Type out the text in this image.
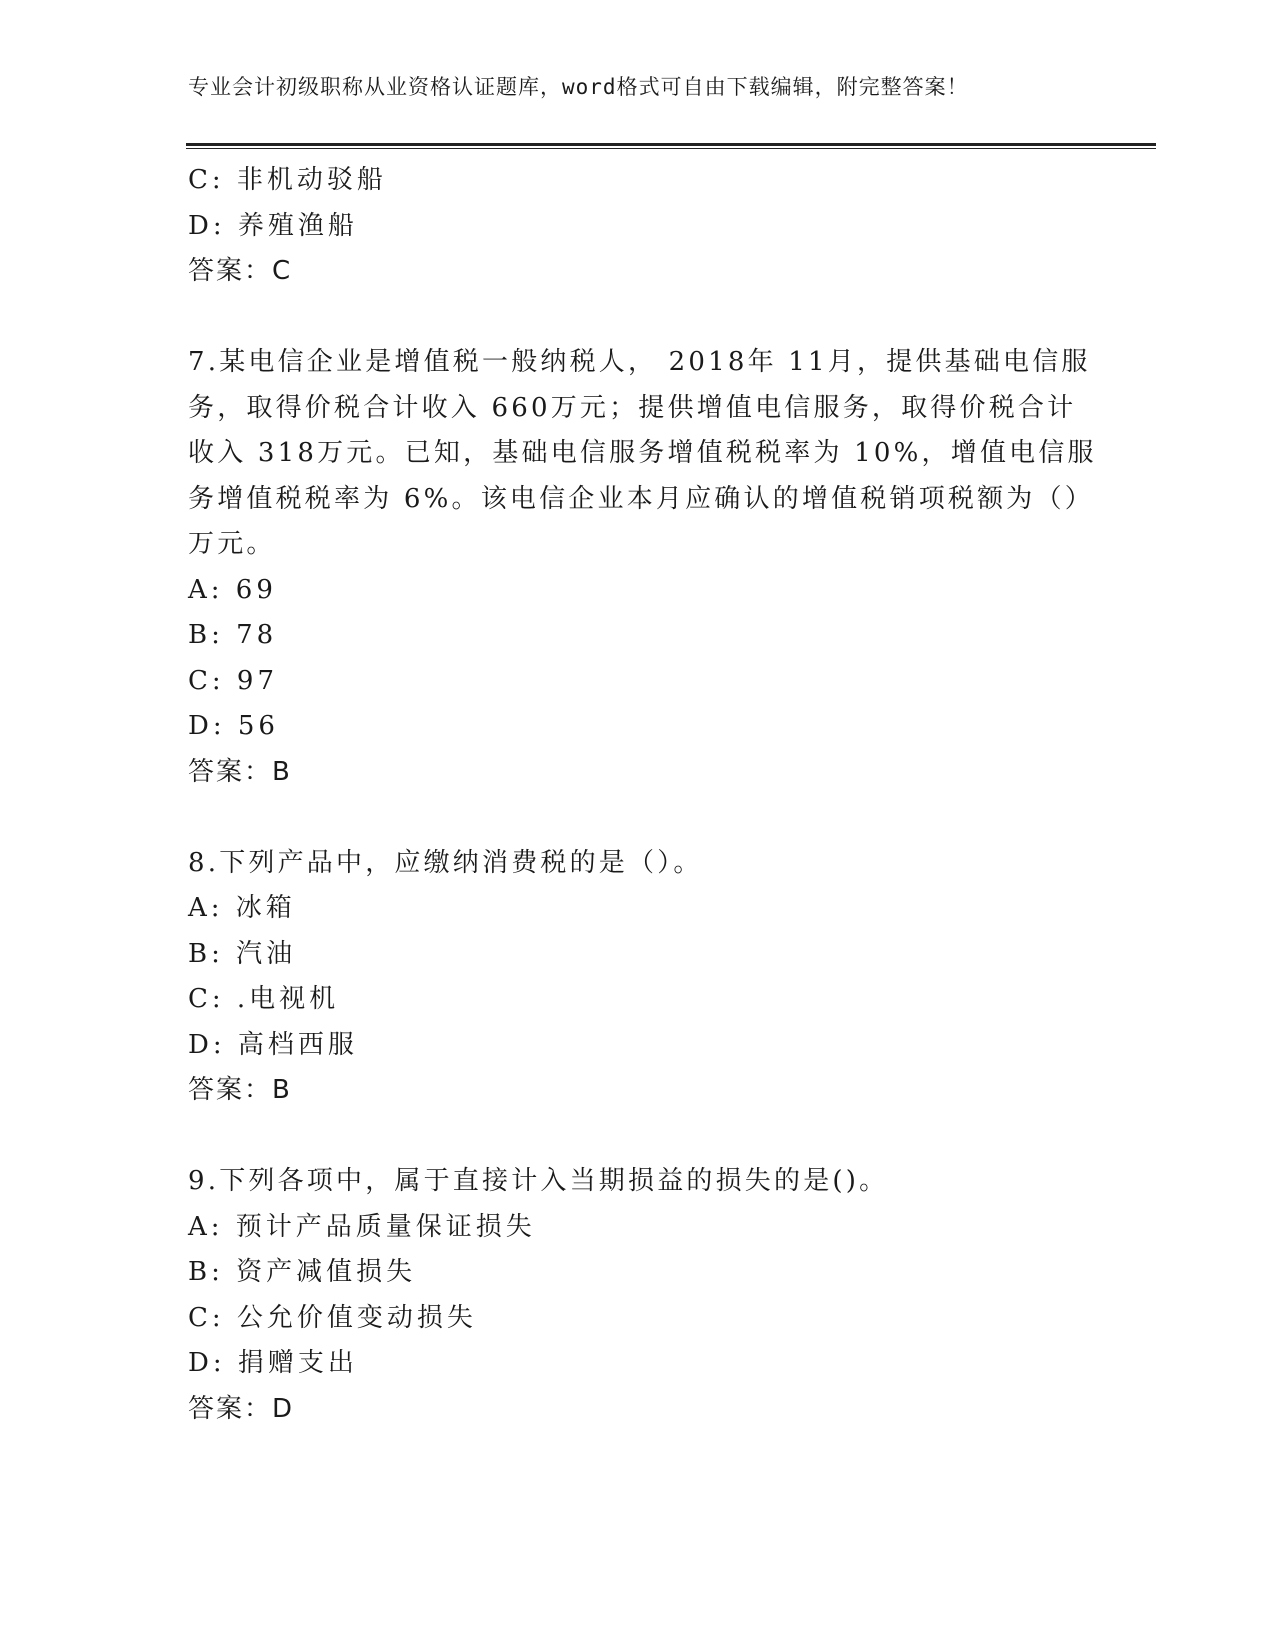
专业会计初级职称从业资格认证题库，word格式可自由下载编辑，附完整答案！
C: 非机动驳船
D: 养殖渔船
答案：C
7.某电信企业是增值税一般纳税人， 2018年 11月，提供基础电信服
务，取得价税合计收入 660万元；提供增值电信服务，取得价税合计
收入 318万元。已知，基础电信服务增值税税率为 10%，增值电信服
务增值税税率为 6%。该电信企业本月应确认的增值税销项税额为（）
万元。
A: 69
B: 78
C: 97
D: 56
答案：B
8.下列产品中，应缴纳消费税的是（）。
A: 冰箱
B: 汽油
C: .电视机
D: 高档西服
答案：B
9.下列各项中，属于直接计入当期损益的损失的是()。
A: 预计产品质量保证损失
B: 资产减值损失
C: 公允价值变动损失
D: 捐赠支出
答案：D
